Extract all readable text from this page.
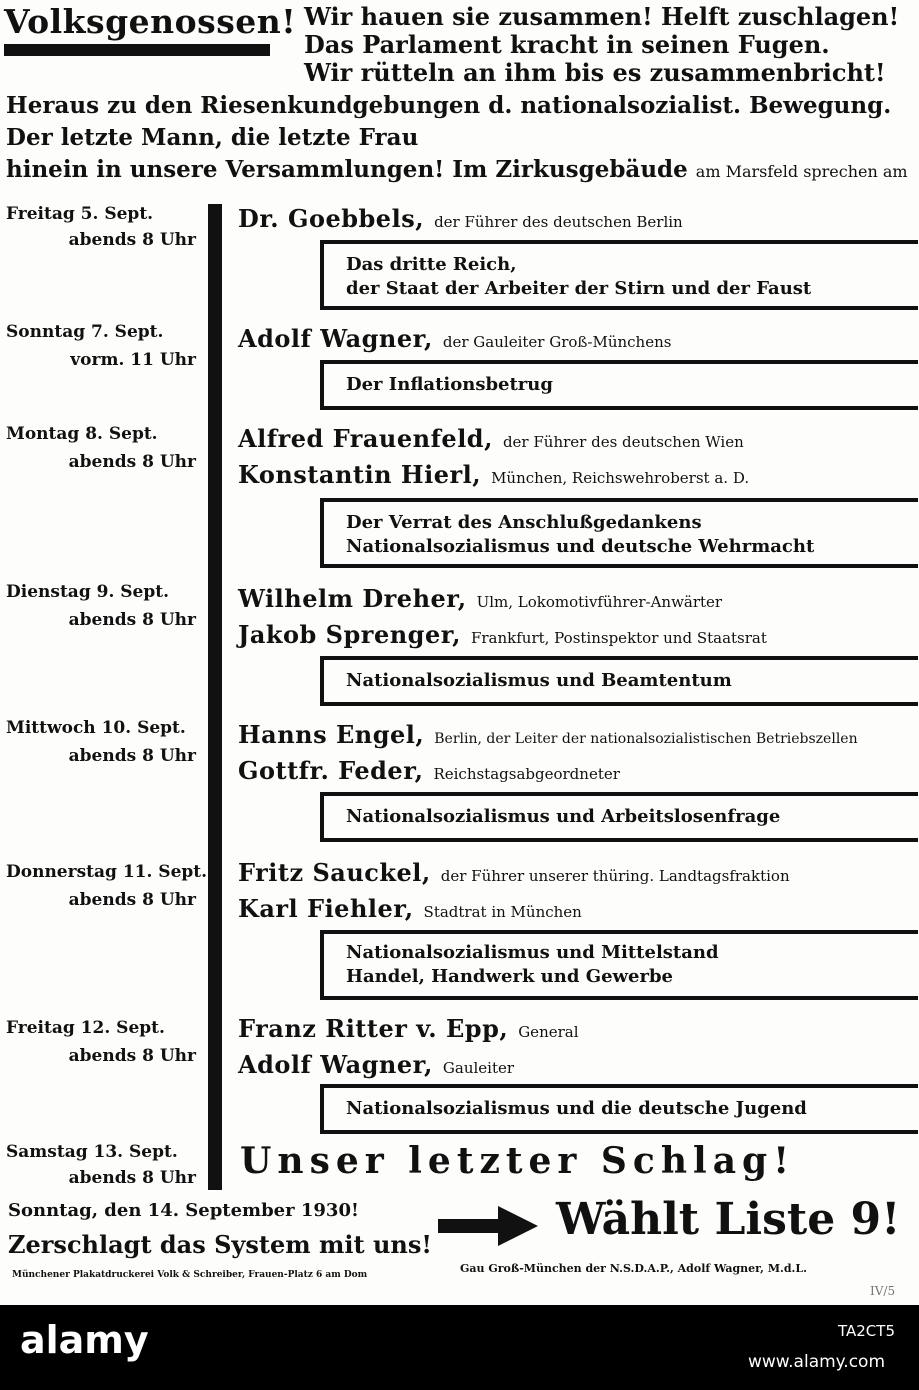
Volksgenossen! Wir hauen sie zusammen! Helft zuschlagen!
Das Parlament kracht in seinen Fugen.
Wir rütteln an ihm bis es zusammenbricht!
Heraus zu den Riesenkundgebungen d. nationalsozialist. Bewegung.
Der letzte Mann, die letzte Frau
hinein in unsere Versammlungen! Im Zirkusgebäude am Marsfeld sprechen am
Freitag 5. Sept.
abends 8 Uhr
Dr. Goebbels, der Führer des deutschen Berlin
Das dritte Reich,
der Staat der Arbeiter der Stirn und der Faust
Sonntag 7. Sept.
vorm. 11 Uhr
Adolf Wagner, der Gauleiter Groß-Münchens
Der Inflationsbetrug
Montag 8. Sept.
abends 8 Uhr
Alfred Frauenfeld, der Führer des deutschen Wien
Konstantin Hierl, München, Reichswehroberst a. D.
Der Verrat des Anschlußgedankens
Nationalsozialismus und deutsche Wehrmacht
Dienstag 9. Sept.
abends 8 Uhr
Wilhelm Dreher, Ulm, Lokomotivführer-Anwärter
Jakob Sprenger, Frankfurt, Postinspektor und Staatsrat
Nationalsozialismus und Beamtentum
Mittwoch 10. Sept.
abends 8 Uhr
Hanns Engel, Berlin, der Leiter der nationalsozialistischen Betriebszellen
Gottfr. Feder, Reichstagsabgeordneter
Nationalsozialismus und Arbeitslosenfrage
Donnerstag 11. Sept.
abends 8 Uhr
Fritz Sauckel, der Führer unserer thüring. Landtagsfraktion
Karl Fiehler, Stadtrat in München
Nationalsozialismus und Mittelstand
Handel, Handwerk und Gewerbe
Freitag 12. Sept.
abends 8 Uhr
Franz Ritter v. Epp, General
Adolf Wagner, Gauleiter
Nationalsozialismus und die deutsche Jugend
Samstag 13. Sept.
abends 8 Uhr Unser letzter Schlag!
Sonntag, den 14. September 1930!
Zerschlagt das System mit uns!
Münchener Plakatdruckerei Volk & Schreiber, Frauen-Platz 6 am Dom
Wählt Liste 9!
Gau Groß-München der N.S.D.A.P., Adolf Wagner, M.d.L.
IV/5
alamy	TA2CT5
www.alamy.com
